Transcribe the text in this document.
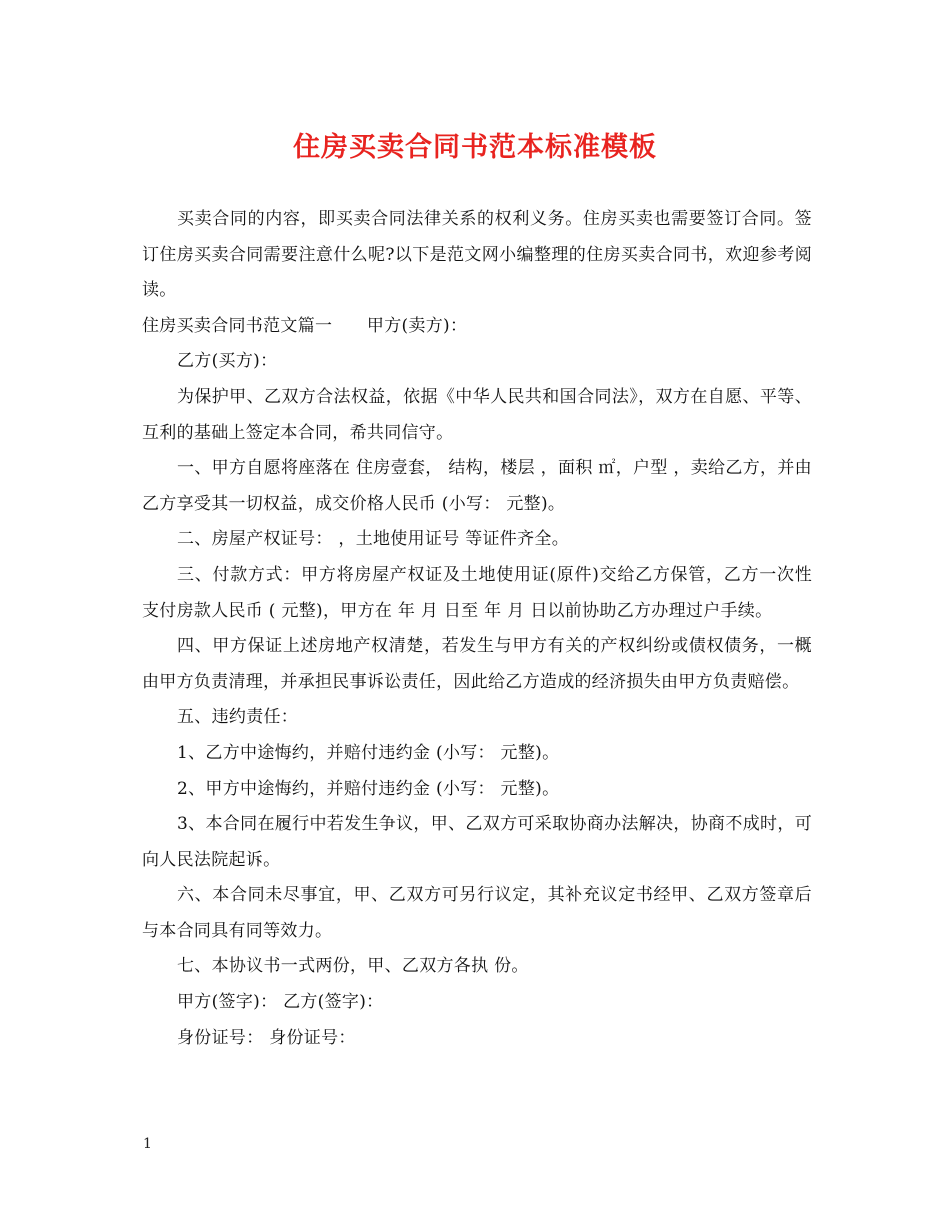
住房买卖合同书范本标准模板

买卖合同的内容，即买卖合同法律关系的权利义务。住房买卖也需要签订合同。签订住房买卖合同需要注意什么呢?以下是范文网小编整理的住房买卖合同书，欢迎参考阅读。

住房买卖合同书范文篇一　　甲方(卖方)：

乙方(买方)：

为保护甲、乙双方合法权益，依据《中华人民共和国合同法》，双方在自愿、平等、互利的基础上签定本合同，希共同信守。

一、甲方自愿将座落在 住房壹套， 结构，楼层 ，面积 ㎡，户型 ，卖给乙方，并由乙方享受其一切权益，成交价格人民币 (小写： 元整)。

二、房屋产权证号： ，土地使用证号 等证件齐全。

三、付款方式：甲方将房屋产权证及土地使用证(原件)交给乙方保管，乙方一次性支付房款人民币 ( 元整)，甲方在 年 月 日至 年 月 日以前协助乙方办理过户手续。

四、甲方保证上述房地产权清楚，若发生与甲方有关的产权纠纷或债权债务，一概由甲方负责清理，并承担民事诉讼责任，因此给乙方造成的经济损失由甲方负责赔偿。

五、违约责任：

1、乙方中途悔约，并赔付违约金 (小写： 元整)。

2、甲方中途悔约，并赔付违约金 (小写： 元整)。

3、本合同在履行中若发生争议，甲、乙双方可采取协商办法解决，协商不成时，可向人民法院起诉。

六、本合同未尽事宜，甲、乙双方可另行议定，其补充议定书经甲、乙双方签章后与本合同具有同等效力。

七、本协议书一式两份，甲、乙双方各执 份。

甲方(签字)： 乙方(签字)：

身份证号： 身份证号：

1
